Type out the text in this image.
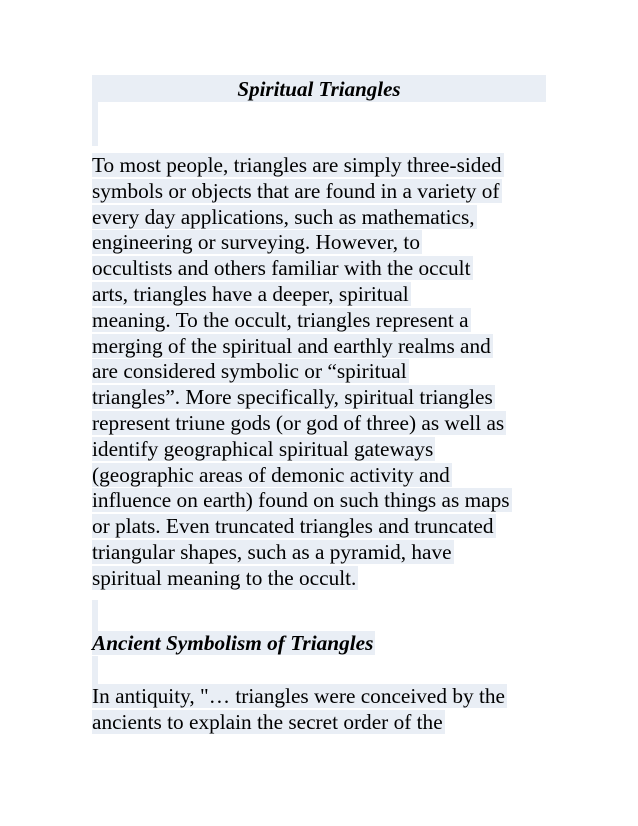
Spiritual Triangles

To most people, triangles are simply three-sided
symbols or objects that are found in a variety of
every day applications, such as mathematics,
engineering or surveying. However, to
occultists and others familiar with the occult
arts, triangles have a deeper, spiritual
meaning. To the occult, triangles represent a
merging of the spiritual and earthly realms and
are considered symbolic or “spiritual
triangles”. More specifically, spiritual triangles
represent triune gods (or god of three) as well as
identify geographical spiritual gateways
(geographic areas of demonic activity and
influence on earth) found on such things as maps
or plats. Even truncated triangles and truncated
triangular shapes, such as a pyramid, have
spiritual meaning to the occult.

Ancient Symbolism of Triangles

In antiquity, "… triangles were conceived by the
ancients to explain the secret order of the
